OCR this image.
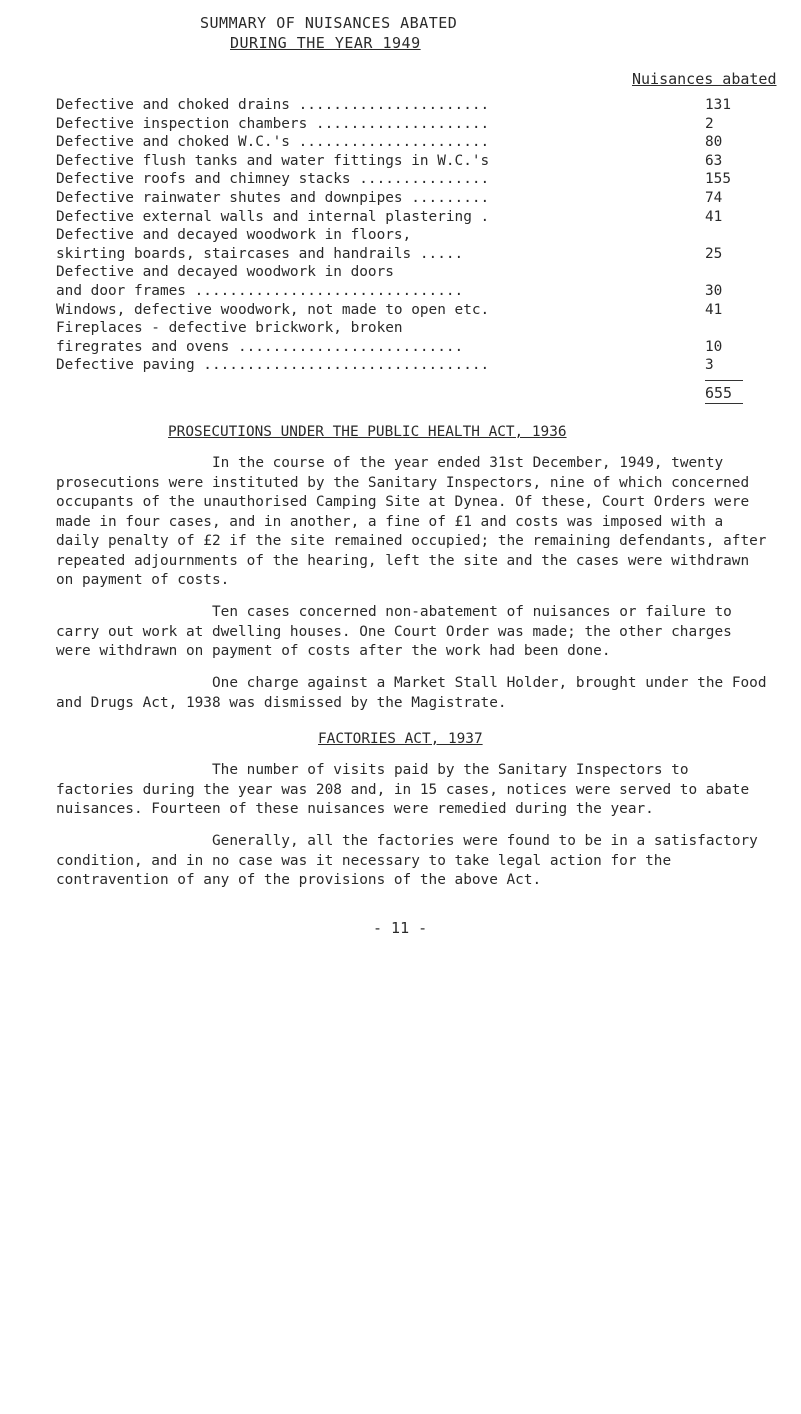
SUMMARY OF NUISANCES ABATED
DURING THE YEAR 1949
Nuisances abated
Defective and choked drains ......................	131
Defective inspection chambers ....................	2
Defective and choked W.C.'s ......................	80
Defective flush tanks and water fittings in W.C.'s	63
Defective roofs and chimney stacks ...............	155
Defective rainwater shutes and downpipes .........	74
Defective external walls and internal plastering .	41
Defective and decayed woodwork in floors,
skirting boards, staircases and handrails .....	25
Defective and decayed woodwork in doors
and door frames ...............................	30
Windows, defective woodwork, not made to open etc.	41
Fireplaces - defective brickwork, broken
firegrates and ovens ..........................	10
Defective paving .................................	3
655
PROSECUTIONS UNDER THE PUBLIC HEALTH ACT, 1936
In the course of the year ended 31st December, 1949, twenty prosecutions were instituted by the Sanitary Inspectors, nine of which concerned occupants of the unauthorised Camping Site at Dynea. Of these, Court Orders were made in four cases, and in another, a fine of £1 and costs was imposed with a daily penalty of £2 if the site remained occupied; the remaining defendants, after repeated adjournments of the hearing, left the site and the cases were withdrawn on payment of costs.
Ten cases concerned non-abatement of nuisances or failure to carry out work at dwelling houses. One Court Order was made; the other charges were withdrawn on payment of costs after the work had been done.
One charge against a Market Stall Holder, brought under the Food and Drugs Act, 1938 was dismissed by the Magistrate.
- 11 -
FACTORIES ACT, 1937
The number of visits paid by the Sanitary Inspectors to factories during the year was 208 and, in 15 cases, notices were served to abate nuisances. Fourteen of these nuisances were remedied during the year.
Generally, all the factories were found to be in a satisfactory condition, and in no case was it necessary to take legal action for the contravention of any of the provisions of the above Act.
